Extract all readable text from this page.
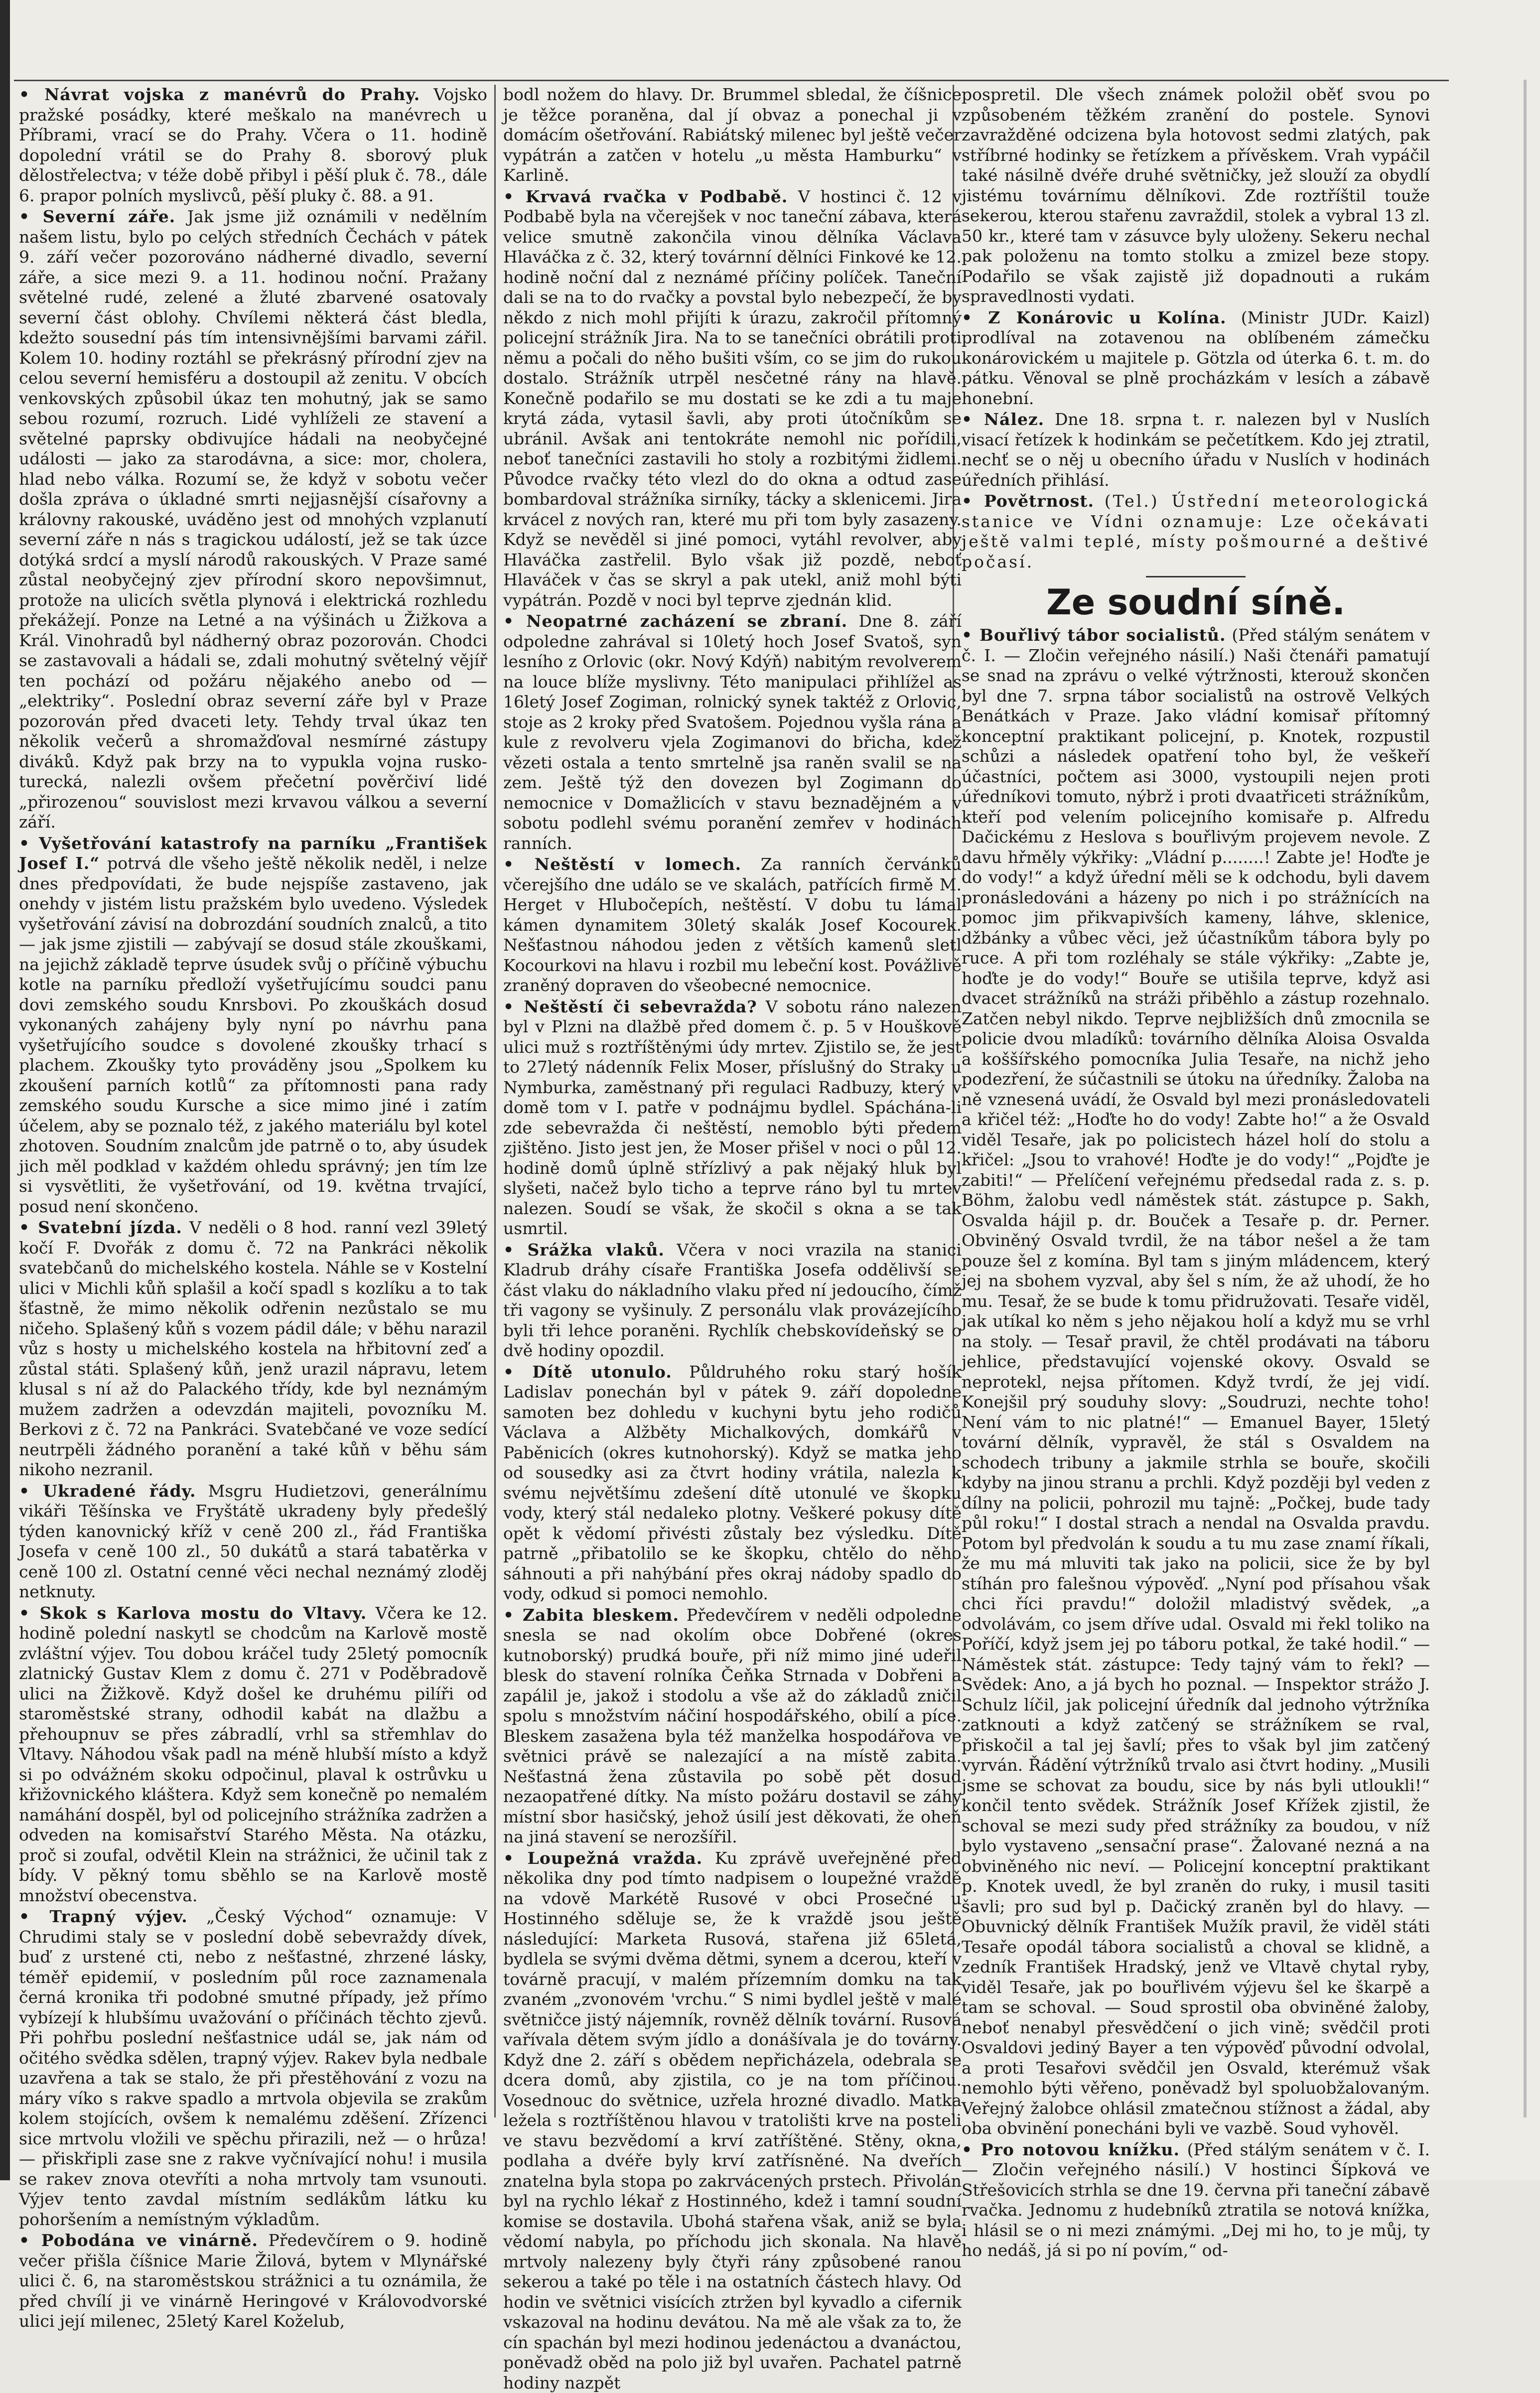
• Návrat vojska z manévrů do Prahy. Vojsko pražské posádky, které meškalo na manévrech u Příbrami, vrací se do Prahy. Včera o 11. hodině dopolední vrátil se do Prahy 8. sborový pluk dělostřelectva; v téže době přibyl i pěší pluk č. 78., dále 6. prapor polních myslivců, pěší pluky č. 88. a 91.

• Severní záře. Jak jsme již oznámili v nedělním našem listu, bylo po celých středních Čechách v pátek 9. září večer pozorováno nádherné divadlo, severní záře, a sice mezi 9. a 11. hodinou noční. Pražany světelné rudé, zelené a žluté zbarvené osatovaly severní část oblohy. Chvílemi některá část bledla, kdežto sousední pás tím intensivnějšími barvami zářil. Kolem 10. hodiny roztáhl se překrásný přírodní zjev na celou severní hemisféru a dostoupil až zenitu. V obcích venkovských způsobil úkaz ten mohutný, jak se samo sebou rozumí, rozruch. Lidé vyhlíželi ze stavení a světelné paprsky obdivujíce hádali na neobyčejné události — jako za starodávna, a sice: mor, cholera, hlad nebo válka. Rozumí se, že když v sobotu večer došla zpráva o úkladné smrti nejjasnější císařovny a královny rakouské, uváděno jest od mnohých vzplanutí severní záře n nás s tragickou událostí, jež se tak úzce dotýká srdcí a myslí národů rakouských. V Praze samé zůstal neobyčejný zjev přírodní skoro nepovšimnut, protože na ulicích světla plynová i elektrická rozhledu překážejí. Ponze na Letné a na výšinách u Žižkova a Král. Vinohradů byl nádherný obraz pozorován. Chodci se zastavovali a hádali se, zdali mohutný světelný vějíř ten pochází od požáru nějakého anebo od — „elektriky“. Poslední obraz severní záře byl v Praze pozorován před dvaceti lety. Tehdy trval úkaz ten několik večerů a shromažďoval nesmírné zástupy diváků. Když pak brzy na to vypukla vojna rusko-turecká, nalezli ovšem přečetní pověrčiví lidé „přirozenou“ souvislost mezi krvavou válkou a severní září.

• Vyšetřování katastrofy na parníku „František Josef I.“ potrvá dle všeho ještě několik neděl, i nelze dnes předpovídati, že bude nejspíše zastaveno, jak onehdy v jistém listu pražském bylo uvedeno. Výsledek vyšetřování závisí na dobrozdání soudních znalců, a tito — jak jsme zjistili — zabývají se dosud stále zkouškami, na jejichž základě teprve úsudek svůj o příčině výbuchu kotle na parníku předloží vyšetřujícímu soudci panu dovi zemského soudu Knrsbovi. Po zkouškách dosud vykonaných zahájeny byly nyní po návrhu pana vyšetřujícího soudce s dovolené zkoušky trhací s plachem. Zkoušky tyto prováděny jsou „Spolkem ku zkoušení parních kotlů“ za přítomnosti pana rady zemského soudu Kursche a sice mimo jiné i zatím účelem, aby se poznalo též, z jakého materiálu byl kotel zhotoven. Soudním znalcům jde patrně o to, aby úsudek jich měl podklad v každém ohledu správný; jen tím lze si vysvětliti, že vyšetřování, od 19. května trvající, posud není skončeno.

• Svatební jízda. V neděli o 8 hod. ranní vezl 39letý kočí F. Dvořák z domu č. 72 na Pankráci několik svatebčanů do michelského kostela. Náhle se v Kostelní ulici v Michli kůň splašil a kočí spadl s kozlíku a to tak šťastně, že mimo několik odřenin nezůstalo se mu ničeho. Splašený kůň s vozem pádil dále; v běhu narazil vůz s hosty u michelského kostela na hřbitovní zeď a zůstal státi. Splašený kůň, jenž urazil nápravu, letem klusal s ní až do Palackého třídy, kde byl neznámým mužem zadržen a odevzdán majiteli, povozníku M. Berkovi z č. 72 na Pankráci. Svatebčané ve voze sedící neutrpěli žádného poranění a také kůň v běhu sám nikoho nezranil.

• Ukradené řády. Msgru Hudietzovi, generálnímu vikáři Těšínska ve Fryštátě ukradeny byly předešlý týden kanovnický kříž v ceně 200 zl., řád Františka Josefa v ceně 100 zl., 50 dukátů a stará tabatěrka v ceně 100 zl. Ostatní cenné věci nechal neznámý zloděj netknuty.

• Skok s Karlova mostu do Vltavy. Včera ke 12. hodině polední naskytl se chodcům na Karlově mostě zvláštní výjev. Tou dobou kráčel tudy 25letý pomocník zlatnický Gustav Klem z domu č. 271 v Poděbradově ulici na Žižkově. Když došel ke druhému pilíři od staroměstské strany, odhodil kabát na dlažbu a přehoupnuv se přes zábradlí, vrhl sa střemhlav do Vltavy. Náhodou však padl na méně hlubší místo a když si po odvážném skoku odpočinul, plaval k ostrůvku u křižovnického kláštera. Když sem konečně po nemalém namáhání dospěl, byl od policejního strážníka zadržen a odveden na komisařství Starého Města. Na otázku, proč si zoufal, odvětil Klein na strážnici, že učinil tak z bídy. V pěkný tomu sběhlo se na Karlově mostě množství obecenstva.

• Trapný výjev. „Český Východ“ oznamuje: V Chrudimi staly se v poslední době sebevraždy dívek, buď z urstené cti, nebo z nešťastné, zhrzené lásky, téměř epidemií, v posledním půl roce zaznamenala černá kronika tři podobné smutné případy, jež přímo vybízejí k hlubšímu uvažování o příčinách těchto zjevů. Při pohřbu poslední nešťastnice udál se, jak nám od očitého svědka sdělen, trapný výjev. Rakev byla nedbale uzavřena a tak se stalo, že při přestěhování z vozu na máry víko s rakve spadlo a mrtvola objevila se zrakům kolem stojících, ovšem k nemalému zděšení. Zřízenci sice mrtvolu vložili ve spěchu přirazili, než — o hrůza! — přiskřipli zase sne z rakve vyčnívající nohu! i musila se rakev znova otevříti a noha mrtvoly tam vsunouti. Výjev tento zavdal místním sedlákům látku ku pohoršením a nemístným výkladům.

• Pobodána ve vinárně. Předevčírem o 9. hodině večer přišla číšnice Marie Žilová, bytem v Mlynářské ulici č. 6, na staroměstskou strážnici a tu oznámila, že před chvílí ji ve vinárně Heringové v Královodvorské ulici její milenec, 25letý Karel Koželub,

bodl nožem do hlavy. Dr. Brummel sbledal, že číšnice je těžce poraněna, dal jí obvaz a ponechal ji v domácím ošetřování. Rabiátský milenec byl ještě večer vypátrán a zatčen v hotelu „u města Hamburku“ v Karlině.

• Krvavá rvačka v Podbabě. V hostinci č. 12 v Podbabě byla na včerejšek v noc taneční zábava, která velice smutně zakončila vinou dělníka Václava Hlaváčka z č. 32, který továrnní dělníci Finkové ke 12. hodině noční dal z neznámé příčiny políček. Taneční dali se na to do rvačky a povstal bylo nebezpečí, že by někdo z nich mohl přijíti k úrazu, zakročil přítomný policejní strážník Jira. Na to se tanečníci obrátili proti němu a počali do něho bušiti vším, co se jim do rukou dostalo. Strážník utrpěl nesčetné rány na hlavě. Konečně podařilo se mu dostati se ke zdi a tu maje krytá záda, vytasil šavli, aby proti útočníkům se ubránil. Avšak ani tentokráte nemohl nic pořídili, neboť tanečníci zastavili ho stoly a rozbitými židlemi. Původce rvačky této vlezl do do okna a odtud zase bombardoval strážníka sirníky, tácky a sklenicemi. Jira krvácel z nových ran, které mu při tom byly zasazeny. Když se nevěděl si jiné pomoci, vytáhl revolver, aby Hlaváčka zastřelil. Bylo však již pozdě, neboť Hlaváček v čas se skryl a pak utekl, aniž mohl býti vypátrán. Pozdě v noci byl teprve zjednán klid.

• Neopatrné zacházení se zbraní. Dne 8. září odpoledne zahrával si 10letý hoch Josef Svatoš, syn lesního z Orlovic (okr. Nový Kdýň) nabitým revolverem na louce blíže myslivny. Této manipulaci přihlížel as 16letý Josef Zogiman, rolnický synek taktéž z Orlovic, stoje as 2 kroky před Svatošem. Pojednou vyšla rána a kule z revolveru vjela Zogimanovi do břicha, kdež vězeti ostala a tento smrtelně jsa raněn svalil se na zem. Ještě týž den dovezen byl Zogimann do nemocnice v Domažlicích v stavu beznadějném a v sobotu podlehl svému poranění zemřev v hodinách ranních.

• Neštěstí v lomech. Za ranních červánků včerejšího dne událo se ve skalách, patřících firmě M. Herget v Hlubočepích, neštěstí. V dobu tu lámal kámen dynamitem 30letý skalák Josef Kocourek. Nešťastnou náhodou jeden z větších kamenů sletl Kocourkovi na hlavu i rozbil mu lebeční kost. Povážlivě zraněný dopraven do všeobecné nemocnice.

• Neštěstí či sebevražda? V sobotu ráno nalezen byl v Plzni na dlažbě před domem č. p. 5 v Houškově ulici muž s roztříštěnými údy mrtev. Zjistilo se, že jest to 27letý nádenník Felix Moser, příslušný do Straky u Nymburka, zaměstnaný při regulaci Radbuzy, který v domě tom v I. patře v podnájmu bydlel. Spáchána-li zde sebevražda či neštěstí, nemoblo býti předem zjištěno. Jisto jest jen, že Moser přišel v noci o půl 12. hodině domů úplně střízlivý a pak nějaký hluk byl slyšeti, načež bylo ticho a teprve ráno byl tu mrtev nalezen. Soudí se však, že skočil s okna a se tak usmrtil.

• Srážka vlaků. Včera v noci vrazila na stanici Kladrub dráhy císaře Františka Josefa oddělivší se část vlaku do nákladního vlaku před ní jedoucího, čímž tři vagony se vyšinuly. Z personálu vlak provázejícího byli tři lehce poraněni. Rychlík chebskovídeňský se o dvě hodiny opozdil.

• Dítě utonulo. Půldruhého roku starý hošík Ladislav ponechán byl v pátek 9. září dopoledne samoten bez dohledu v kuchyni bytu jeho rodičů Václava a Alžběty Michalkových, domkářů v Paběnicích (okres kutnohorský). Když se matka jeho od sousedky asi za čtvrt hodiny vrátila, nalezla k svému největšímu zdešení dítě utonulé ve škopku vody, který stál nedaleko plotny. Veškeré pokusy dítě opět k vědomí přivésti zůstaly bez výsledku. Dítě patrně „přibatolilo se ke škopku, chtělo do něho sáhnouti a při nahýbání přes okraj nádoby spadlo do vody, odkud si pomoci nemohlo.

• Zabita bleskem. Předevčírem v neděli odpoledne snesla se nad okolím obce Dobřené (okres kutnoborský) prudká bouře, při níž mimo jiné udeřil blesk do stavení rolníka Čeňka Strnada v Dobřeni a zapálil je, jakož i stodolu a vše až do základů zničil spolu s množstvím náčiní hospodářského, obilí a píce. Bleskem zasažena byla též manželka hospodářova ve světnici právě se nalezající a na místě zabita. Nešťastná žena zůstavila po sobě pět dosud nezaopatřené dítky. Na místo požáru dostavil se záhy místní sbor hasičský, jehož úsilí jest děkovati, že oheň na jiná stavení se nerozšířil.

• Loupežná vražda. Ku zprávě uveřejněné před několika dny pod tímto nadpisem o loupežné vraždě na vdově Markétě Rusové v obci Prosečné u Hostinného sděluje se, že k vraždě jsou ještě následující: Marketa Rusová, stařena již 65letá, bydlela se svými dvěma dětmi, synem a dcerou, kteří v továrně pracují, v malém přízemním domku na tak zvaném „zvonovém 'vrchu.“ S nimi bydlel ještě v malé světničce jistý nájemník, rovněž dělník tovární. Rusová vařívala dětem svým jídlo a donášívala je do továrny. Když dne 2. září s obědem nepřicházela, odebrala se dcera domů, aby zjistila, co je na tom příčinou. Vosednouc do světnice, uzřela hrozné divadlo. Matka ležela s roztříštěnou hlavou v tratolišti krve na posteli ve stavu bezvědomí a krví zatříštěné. Stěny, okna, podlaha a dvéře byly krví zatřísněné. Na dveřích znatelna byla stopa po zakrvácených prstech. Přivolán byl na rychlo lékař z Hostinného, kdež i tamní soudní komise se dostavila. Ubohá stařena však, aniž se byla vědomí nabyla, po příchodu jich skonala. Na hlavě mrtvoly nalezeny byly čtyři rány způsobené ranou sekerou a také po těle i na ostatních částech hlavy. Od hodin ve světnici visících ztržen byl kyvadlo a cifernik vskazoval na hodinu devátou. Na mě ale však za to, že cín spachán byl mezi hodinou jedenáctou a dvanáctou, poněvadž oběd na polo již byl uvařen. Pachatel patrně hodiny nazpět

pospretil. Dle všech známek položil oběť svou po způsobeném těžkém zranění do postele. Synovi zavražděné odcizena byla hotovost sedmi zlatých, pak stříbrné hodinky se řetízkem a přívěskem. Vrah vypáčil také násilně dvéře druhé světničky, jež slouží za obydlí jistému továrnímu dělníkovi. Zde roztříštil touže sekerou, kterou stařenu zavraždil, stolek a vybral 13 zl. 50 kr., které tam v zásuvce byly uloženy. Sekeru nechal pak položenu na tomto stolku a zmizel beze stopy. Podařilo se však zajistě již dopadnouti a rukám spravedlnosti vydati.

• Z Konárovic u Kolína. (Ministr JUDr. Kaizl) prodlíval na zotavenou na oblíbeném zámečku konárovickém u majitele p. Götzla od úterka 6. t. m. do pátku. Věnoval se plně procházkám v lesích a zábavě honební.

• Nález. Dne 18. srpna t. r. nalezen byl v Nuslích visací řetízek k hodinkám se pečetítkem. Kdo jej ztratil, nechť se o něj u obecního úřadu v Nuslích v hodinách úředních přihlásí.

• Povětrnost. (Tel.) Ústřední meteorologická stanice ve Vídni oznamuje: Lze očekávati ještě valmi teplé, místy pošmourné a deštivé počasí.

Ze soudní síně.

• Bouřlivý tábor socialistů. (Před stálým senátem v č. I. — Zločin veřejného násilí.) Naši čtenáři pamatují se snad na zprávu o velké výtržnosti, kterouž skončen byl dne 7. srpna tábor socialistů na ostrově Velkých Benátkách v Praze. Jako vládní komisař přítomný konceptní praktikant policejní, p. Knotek, rozpustil schůzi a následek opatření toho byl, že veškeří účastníci, počtem asi 3000, vystoupili nejen proti úředníkovi tomuto, nýbrž i proti dvaatřiceti strážníkům, kteří pod velením policejního komisaře p. Alfredu Dačickému z Heslova s bouřlivým projevem nevole. Z davu hřměly výkřiky: „Vládní p........! Zabte je! Hoďte je do vody!“ a když úřední měli se k odchodu, byli davem pronásledováni a házeny po nich i po strážnících na pomoc jim přikvapivších kameny, láhve, sklenice, džbánky a vůbec věci, jež účastníkům tábora byly po ruce. A při tom rozléhaly se stále výkřiky: „Zabte je, hoďte je do vody!“ Bouře se utišila teprve, když asi dvacet strážníků na stráži přiběhlo a zástup rozehnalo. Zatčen nebyl nikdo. Teprve nejbližších dnů zmocnila se policie dvou mladíků: továrního dělníka Aloisa Osvalda a koššířského pomocníka Julia Tesaře, na nichž jeho podezření, že súčastnili se útoku na úředníky. Žaloba na ně vznesená uvádí, že Osvald byl mezi pronásledovateli a křičel též: „Hoďte ho do vody! Zabte ho!“ a že Osvald viděl Tesaře, jak po policistech házel holí do stolu a křičel: „Jsou to vrahové! Hoďte je do vody!“ „Pojďte je zabiti!“ — Přelíčení veřejnému předsedal rada z. s. p. Böhm, žalobu vedl náměstek stát. zástupce p. Sakh, Osvalda hájil p. dr. Bouček a Tesaře p. dr. Perner. Obviněný Osvald tvrdil, že na tábor nešel a že tam pouze šel z komína. Byl tam s jiným mládencem, který jej na sbohem vyzval, aby šel s ním, že až uhodí, že ho mu. Tesař, že se bude k tomu přidružovati. Tesaře viděl, jak utíkal ko něm s jeho nějakou holí a když mu se vrhl na stoly. — Tesař pravil, že chtěl prodávati na táboru jehlice, představující vojenské okovy. Osvald se neprotekl, nejsa přítomen. Když tvrdí, že jej vidí. Konejšil prý souduhy slovy: „Soudruzi, nechte toho! Není vám to nic platné!“ — Emanuel Bayer, 15letý tovární dělník, vypravěl, že stál s Osvaldem na schodech tribuny a jakmile strhla se bouře, skočili kdyby na jinou stranu a prchli. Když později byl veden z dílny na policii, pohrozil mu tajně: „Počkej, bude tady půl roku!“ I dostal strach a nendal na Osvalda pravdu. Potom byl předvolán k soudu a tu mu zase znamí říkali, že mu má mluviti tak jako na policii, sice že by byl stíhán pro falešnou výpověď. „Nyní pod přísahou však chci říci pravdu!“ doložil mladistvý svědek, „a odvolávám, co jsem dříve udal. Osvald mi řekl toliko na Poříčí, když jsem jej po táboru potkal, že také hodil.“ — Náměstek stát. zástupce: Tedy tajný vám to řekl? — Svědek: Ano, a já bych ho poznal. — Inspektor strážo J. Schulz líčil, jak policejní úředník dal jednoho výtržníka zatknouti a když zatčený se strážníkem se rval, přiskočil a tal jej šavlí; přes to však byl jim zatčený vyrván. Řádění výtržníků trvalo asi čtvrt hodiny. „Musili jsme se schovat za boudu, sice by nás byli utloukli!“ končil tento svědek. Strážník Josef Křížek zjistil, že schoval se mezi sudy před strážníky za boudou, v níž bylo vystaveno „sensační prase“. Žalované nezná a na obviněného nic neví. — Policejní konceptní praktikant p. Knotek uvedl, že byl zraněn do ruky, i musil tasiti šavli; pro sud byl p. Dačický zraněn byl do hlavy. — Obuvnický dělník František Mužík pravil, že viděl státi Tesaře opodál tábora socialistů a choval se klidně, a zedník František Hradský, jenž ve Vltavě chytal ryby, viděl Tesaře, jak po bouřlivém výjevu šel ke škarpě a tam se schoval. — Soud sprostil oba obviněné žaloby, neboť nenabyl přesvědčení o jich vině; svědčil proti Osvaldovi jediný Bayer a ten výpověď původní odvolal, a proti Tesařovi svědčil jen Osvald, kterémuž však nemohlo býti věřeno, poněvadž byl spoluobžalovaným. Veřejný žalobce ohlásil zmatečnou stížnost a žádal, aby oba obvinění ponecháni byli ve vazbě. Soud vyhověl.

• Pro notovou knížku. (Před stálým senátem v č. I. — Zločin veřejného násilí.) V hostinci Šípková ve Střešovicích strhla se dne 19. června při taneční zábavě rvačka. Jednomu z hudebníků ztratila se notová knížka, i hlásil se o ni mezi známými. „Dej mi ho, to je můj, ty ho nedáš, já si po ní povím,“ od-
